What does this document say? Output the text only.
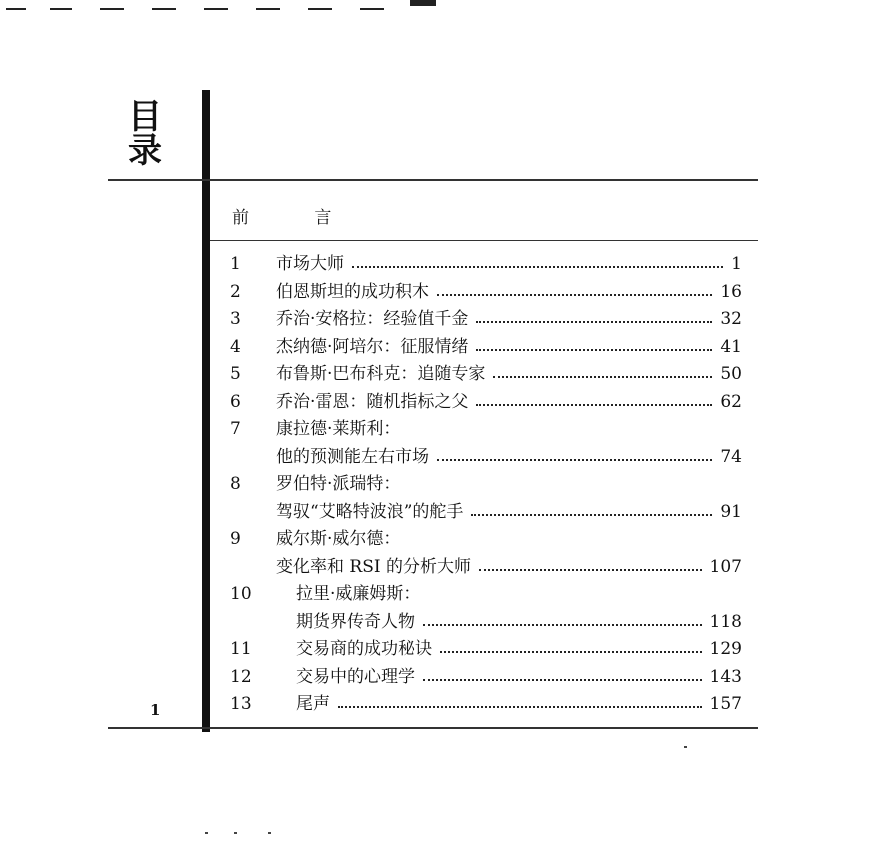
目
录
前 言
1	市场大师	1
2	伯恩斯坦的成功积木	16
3	乔治·安格拉：经验值千金	32
4	杰纳德·阿培尔：征服情绪	41
5	布鲁斯·巴布科克：追随专家	50
6	乔治·雷恩：随机指标之父	62
7	康拉德·莱斯利：
他的预测能左右市场	74
8	罗伯特·派瑞特：
驾驭“艾略特波浪”的舵手	91
9	威尔斯·威尔德：
变化率和 RSI 的分析大师	107
10	拉里·威廉姆斯：
期货界传奇人物	118
11	交易商的成功秘诀	129
12	交易中的心理学	143
13	尾声	157
1
